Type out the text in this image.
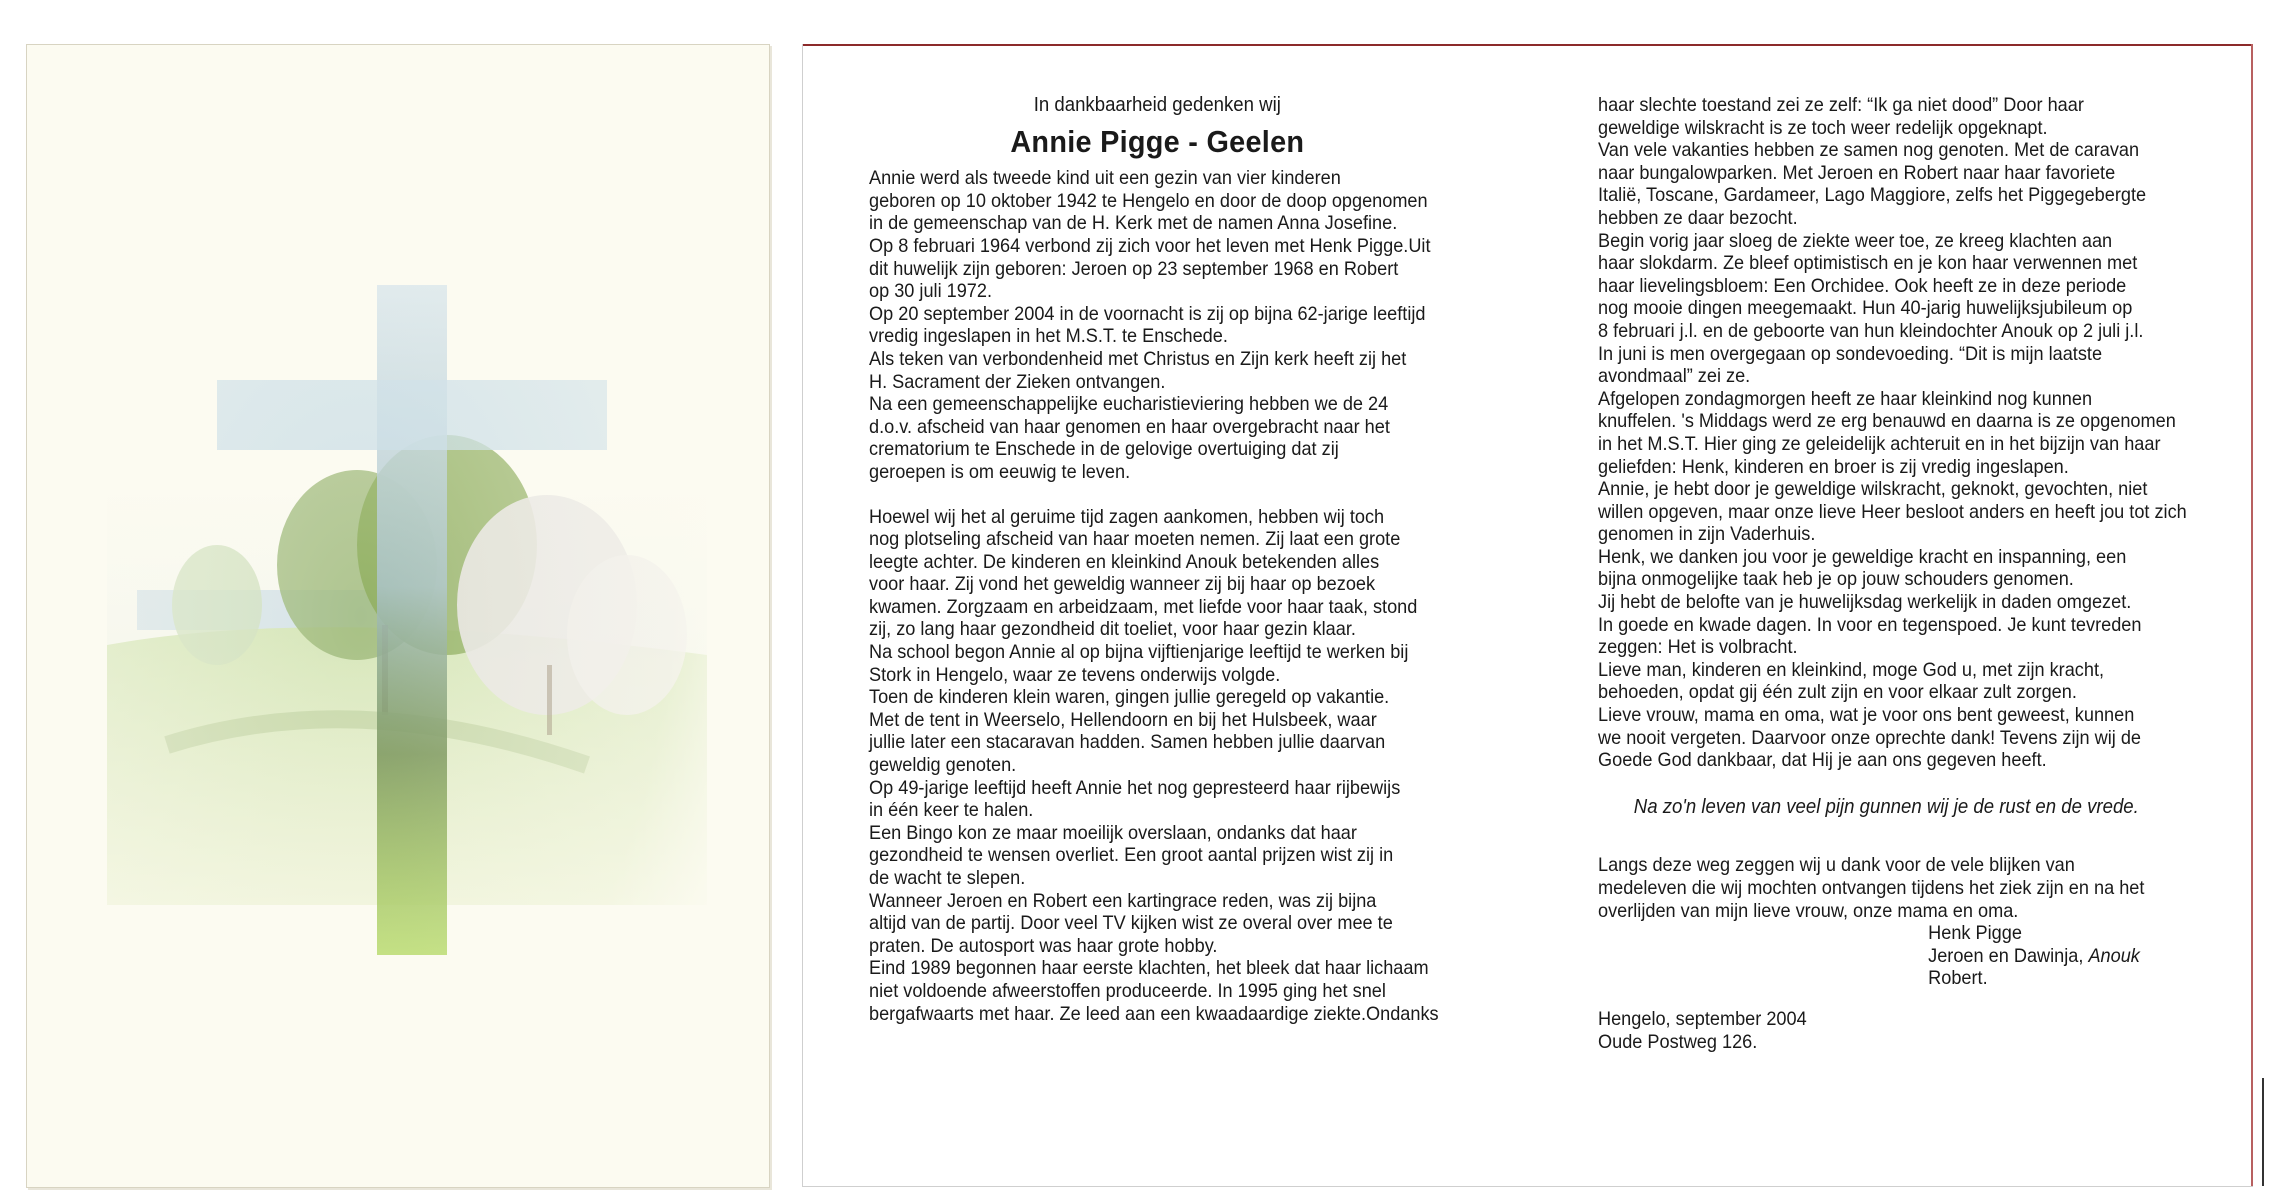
In dankbaarheid gedenken wij

Annie Pigge - Geelen

Annie werd als tweede kind uit een gezin van vier kinderen

geboren op 10 oktober 1942 te Hengelo en door de doop opgenomen

in de gemeenschap van de H. Kerk met de namen Anna Josefine.

Op 8 februari 1964 verbond zij zich voor het leven met Henk Pigge.Uit

dit huwelijk zijn geboren: Jeroen op 23 september 1968 en Robert

op 30 juli 1972.

Op 20 september 2004 in de voornacht is zij op bijna 62-jarige leeftijd

vredig ingeslapen in het M.S.T. te Enschede.

Als teken van verbondenheid met Christus en Zijn kerk heeft zij het

H. Sacrament der Zieken ontvangen.

Na een gemeenschappelijke eucharistieviering hebben we de 24

d.o.v. afscheid van haar genomen en haar overgebracht naar het

crematorium te Enschede in de gelovige overtuiging dat zij

geroepen is om eeuwig te leven.

Hoewel wij het al geruime tijd zagen aankomen, hebben wij toch

nog plotseling afscheid van haar moeten nemen. Zij laat een grote

leegte achter. De kinderen en kleinkind Anouk betekenden alles

voor haar. Zij vond het geweldig wanneer zij bij haar op bezoek

kwamen. Zorgzaam en arbeidzaam, met liefde voor haar taak, stond

zij, zo lang haar gezondheid dit toeliet, voor haar gezin klaar.

Na school begon Annie al op bijna vijftienjarige leeftijd te werken bij

Stork in Hengelo, waar ze tevens onderwijs volgde.

Toen de kinderen klein waren, gingen jullie geregeld op vakantie.

Met de tent in Weerselo, Hellendoorn en bij het Hulsbeek, waar

jullie later een stacaravan hadden. Samen hebben jullie daarvan

geweldig genoten.

Op 49-jarige leeftijd heeft Annie het nog gepresteerd haar rijbewijs

in één keer te halen.

Een Bingo kon ze maar moeilijk overslaan, ondanks dat haar

gezondheid te wensen overliet. Een groot aantal prijzen wist zij in

de wacht te slepen.

Wanneer Jeroen en Robert een kartingrace reden, was zij bijna

altijd van de partij. Door veel TV kijken wist ze overal over mee te

praten. De autosport was haar grote hobby.

Eind 1989 begonnen haar eerste klachten, het bleek dat haar lichaam

niet voldoende afweerstoffen produceerde. In 1995 ging het snel

bergafwaarts met haar. Ze leed aan een kwaadaardige ziekte.Ondanks

haar slechte toestand zei ze zelf: “Ik ga niet dood” Door haar

geweldige wilskracht is ze toch weer redelijk opgeknapt.

Van vele vakanties hebben ze samen nog genoten. Met de caravan

naar bungalowparken. Met Jeroen en Robert naar haar favoriete

Italië, Toscane, Gardameer, Lago Maggiore, zelfs het Piggegebergte

hebben ze daar bezocht.

Begin vorig jaar sloeg de ziekte weer toe, ze kreeg klachten aan

haar slokdarm. Ze bleef optimistisch en je kon haar verwennen met

haar lievelingsbloem: Een Orchidee. Ook heeft ze in deze periode

nog mooie dingen meegemaakt. Hun 40-jarig huwelijksjubileum op

8 februari j.l. en de geboorte van hun kleindochter Anouk op 2 juli j.l.

In juni is men overgegaan op sondevoeding. “Dit is mijn laatste

avondmaal” zei ze.

Afgelopen zondagmorgen heeft ze haar kleinkind nog kunnen

knuffelen. 's Middags werd ze erg benauwd en daarna is ze opgenomen

in het M.S.T. Hier ging ze geleidelijk achteruit en in het bijzijn van haar

geliefden: Henk, kinderen en broer is zij vredig ingeslapen.

Annie, je hebt door je geweldige wilskracht, geknokt, gevochten, niet

willen opgeven, maar onze lieve Heer besloot anders en heeft jou tot zich

genomen in zijn Vaderhuis.

Henk, we danken jou voor je geweldige kracht en inspanning, een

bijna onmogelijke taak heb je op jouw schouders genomen.

Jij hebt de belofte van je huwelijksdag werkelijk in daden omgezet.

In goede en kwade dagen. In voor en tegenspoed. Je kunt tevreden

zeggen: Het is volbracht.

Lieve man, kinderen en kleinkind, moge God u, met zijn kracht,

behoeden, opdat gij één zult zijn en voor elkaar zult zorgen.

Lieve vrouw, mama en oma, wat je voor ons bent geweest, kunnen

we nooit vergeten. Daarvoor onze oprechte dank! Tevens zijn wij de

Goede God dankbaar, dat Hij je aan ons gegeven heeft.

Na zo'n leven van veel pijn gunnen wij je de rust en de vrede.

Langs deze weg zeggen wij u dank voor de vele blijken van

medeleven die wij mochten ontvangen tijdens het ziek zijn en na het

overlijden van mijn lieve vrouw, onze mama en oma.

Henk Pigge

Jeroen en Dawinja, Anouk

Robert.

Hengelo, september 2004

Oude Postweg 126.
